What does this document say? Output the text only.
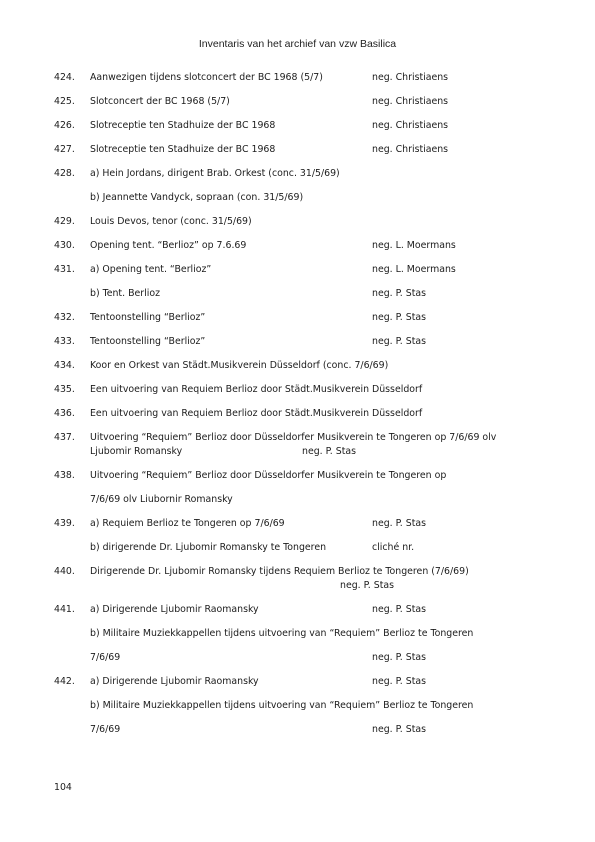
Inventaris van het archief van vzw Basilica
424. Aanwezigen tijdens slotconcert der BC 1968 (5/7)	neg. Christiaens
425. Slotconcert der BC 1968 (5/7)	neg. Christiaens
426. Slotreceptie ten Stadhuize der BC 1968	neg. Christiaens
427. Slotreceptie ten Stadhuize der BC 1968	neg. Christiaens
428. a) Hein Jordans, dirigent Brab. Orkest (conc. 31/5/69)
b) Jeannette Vandyck, sopraan (con. 31/5/69)
429. Louis Devos, tenor (conc. 31/5/69)
430. Opening tent. “Berlioz” op 7.6.69	neg. L. Moermans
431. a) Opening tent. “Berlioz”	neg. L. Moermans
b) Tent. Berlioz	neg. P. Stas
432. Tentoonstelling “Berlioz”	neg. P. Stas
433. Tentoonstelling “Berlioz”	neg. P. Stas
434. Koor en Orkest van Städt.Musikverein Düsseldorf (conc. 7/6/69)
435. Een uitvoering van Requiem Berlioz door Städt.Musikverein Düsseldorf
436. Een uitvoering van Requiem Berlioz door Städt.Musikverein Düsseldorf
437. Uitvoering “Requiem” Berlioz door Düsseldorfer Musikverein te Tongeren op 7/6/69 olv
Ljubomir Romansky	neg. P. Stas
438. Uitvoering “Requiem” Berlioz door Düsseldorfer Musikverein te Tongeren op
7/6/69 olv Liubornir Romansky
439. a) Requiem Berlioz te Tongeren op 7/6/69	neg. P. Stas
b) dirigerende Dr. Ljubomir Romansky te Tongeren	cliché nr.
440. Dirigerende Dr. Ljubomir Romansky tijdens Requiem Berlioz te Tongeren (7/6/69)
neg. P. Stas
441. a) Dirigerende Ljubomir Raomansky	neg. P. Stas
b) Militaire Muziekkappellen tijdens uitvoering van “Requiem” Berlioz te Tongeren
7/6/69	neg. P. Stas
442. a) Dirigerende Ljubomir Raomansky	neg. P. Stas
b) Militaire Muziekkappellen tijdens uitvoering van “Requiem” Berlioz te Tongeren
7/6/69	neg. P. Stas
104
